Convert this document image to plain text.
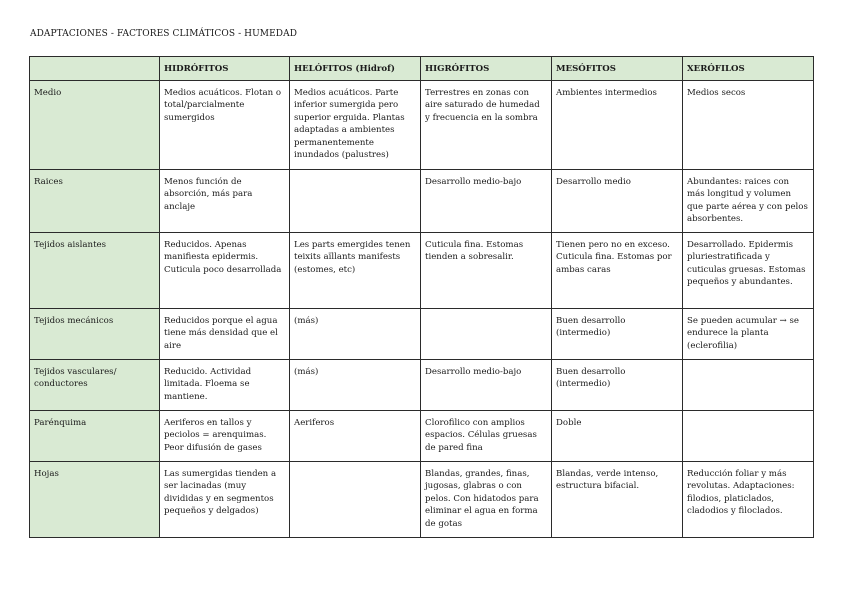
ADAPTACIONES - FACTORES CLIMÁTICOS - HUMEDAD
	HIDRÓFITOS	HELÓFITOS (Hidrof)	HIGRÓFITOS	MESÓFITOS	XERÓFILOS
Medio	Medios acuáticos. Flotan o total/parcialmente sumergidos	Medios acuáticos. Parte inferior sumergida pero superior erguida. Plantas adaptadas a ambientes permanentemente inundados (palustres)	Terrestres en zonas con aire saturado de humedad y frecuencia en la sombra	Ambientes intermedios	Medios secos
Raices	Menos función de absorción, más para anclaje		Desarrollo medio-bajo	Desarrollo medio	Abundantes: raices con más longitud y volumen que parte aérea y con pelos absorbentes.
Tejidos aislantes	Reducidos. Apenas manifiesta epidermis. Cuticula poco desarrollada	Les parts emergides tenen teixits aïllants manifests (estomes, etc)	Cuticula fina. Estomas tienden a sobresalir.	Tienen pero no en exceso. Cuticula fina. Estomas por ambas caras	Desarrollado. Epidermis pluriestratificada y cuticulas gruesas. Estomas pequeños y abundantes.
Tejidos mecánicos	Reducidos porque el agua tiene más densidad que el aire	(más)		Buen desarrollo (intermedio)	Se pueden acumular → se endurece la planta (eclerofilia)
Tejidos vasculares/ conductores	Reducido. Actividad limitada. Floema se mantiene.	(más)	Desarrollo medio-bajo	Buen desarrollo (intermedio)	
Parénquima	Aeriferos en tallos y peciolos = arenquimas. Peor difusión de gases	Aeriferos	Clorofilico con amplios espacios. Células gruesas de pared fina	Doble	
Hojas	Las sumergidas tienden a ser lacinadas (muy divididas y en segmentos pequeños y delgados)		Blandas, grandes, finas, jugosas, glabras o con pelos. Con hidatodos para eliminar el agua en forma de gotas	Blandas, verde intenso, estructura bifacial.	Reducción foliar y más revolutas. Adaptaciones: filodios, platiclados, cladodios y filoclados.
